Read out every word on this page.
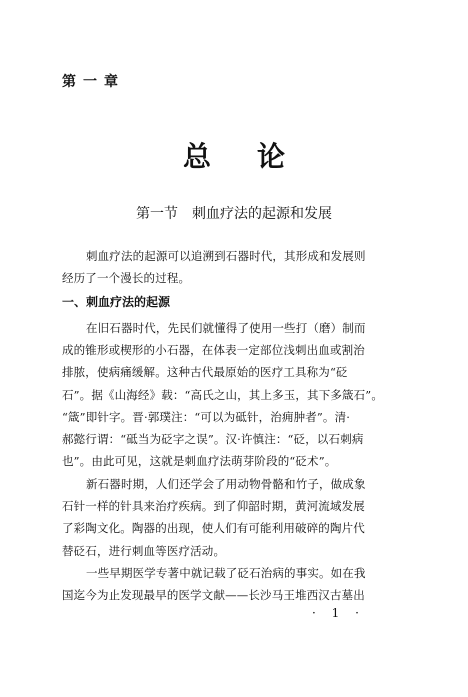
第一章
总论
第一节 刺血疗法的起源和发展
刺血疗法的起源可以追溯到石器时代，其形成和发展则
经历了一个漫长的过程。
一、刺血疗法的起源
在旧石器时代，先民们就懂得了使用一些打（磨）制而
成的锥形或楔形的小石器，在体表一定部位浅刺出血或割治
排脓，使病痛缓解。这种古代最原始的医疗工具称为“砭
石”。据《山海经》载：“高氏之山，其上多玉，其下多箴石”。
“箴”即针字。晋·郭璞注：“可以为砥针，治痈肿者”。清·
郝懿行谓：“砥当为砭字之误”。汉·许慎注：“砭，以石刺病
也”。由此可见，这就是刺血疗法萌芽阶段的“砭术”。
新石器时期，人们还学会了用动物骨骼和竹子，做成象
石针一样的针具来治疗疾病。到了仰韶时期，黄河流域发展
了彩陶文化。陶器的出现，使人们有可能利用破碎的陶片代
替砭石，进行刺血等医疗活动。
一些早期医学专著中就记载了砭石治病的事实。如在我
国迄今为止发现最早的医学文献——长沙马王堆西汉古墓出
· 1 ·
